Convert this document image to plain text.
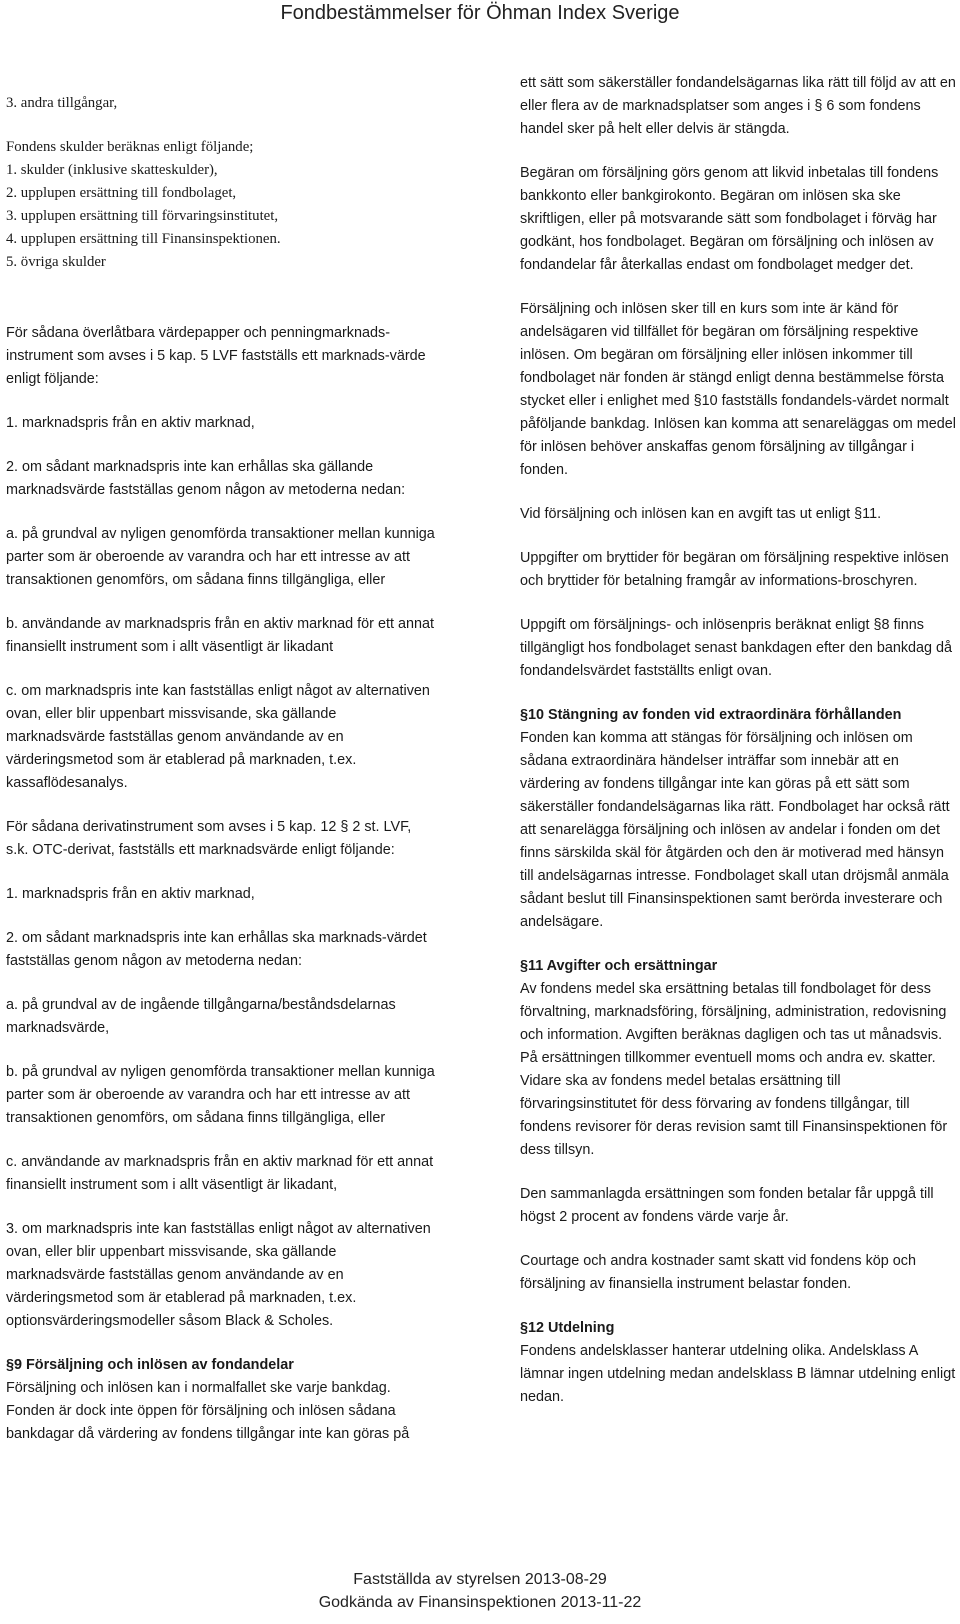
Fondbestämmelser för Öhman Index Sverige

3. andra tillgångar,

Fondens skulder beräknas enligt följande;
1. skulder (inklusive skatteskulder),
2. upplupen ersättning till fondbolaget,
3. upplupen ersättning till förvaringsinstitutet,
4. upplupen ersättning till Finansinspektionen.
5. övriga skulder

För sådana överlåtbara värdepapper och penningmarknads-instrument som avses i 5 kap. 5 LVF fastställs ett marknads-värde enligt följande:

1. marknadspris från en aktiv marknad,

2. om sådant marknadspris inte kan erhållas ska gällande marknadsvärde fastställas genom någon av metoderna nedan:

a. på grundval av nyligen genomförda transaktioner mellan kunniga parter som är oberoende av varandra och har ett intresse av att transaktionen genomförs, om sådana finns tillgängliga, eller

b. användande av marknadspris från en aktiv marknad för ett annat finansiellt instrument som i allt väsentligt är likadant

c. om marknadspris inte kan fastställas enligt något av alternativen ovan, eller blir uppenbart missvisande, ska gällande marknadsvärde fastställas genom användande av en värderingsmetod som är etablerad på marknaden, t.ex. kassaflödesanalys.

För sådana derivatinstrument som avses i 5 kap. 12 § 2 st. LVF, s.k. OTC-derivat, fastställs ett marknadsvärde enligt följande:

1. marknadspris från en aktiv marknad,

2. om sådant marknadspris inte kan erhållas ska marknads-värdet fastställas genom någon av metoderna nedan:

a. på grundval av de ingående tillgångarna/beståndsdelarnas marknadsvärde,

b. på grundval av nyligen genomförda transaktioner mellan kunniga parter som är oberoende av varandra och har ett intresse av att transaktionen genomförs, om sådana finns tillgängliga, eller

c. användande av marknadspris från en aktiv marknad för ett annat finansiellt instrument som i allt väsentligt är likadant,

3. om marknadspris inte kan fastställas enligt något av alternativen ovan, eller blir uppenbart missvisande, ska gällande marknadsvärde fastställas genom användande av en värderingsmetod som är etablerad på marknaden, t.ex. optionsvärderingsmodeller såsom Black & Scholes.

§9 Försäljning och inlösen av fondandelar
Försäljning och inlösen kan i normalfallet ske varje bankdag. Fonden är dock inte öppen för försäljning och inlösen sådana bankdagar då värdering av fondens tillgångar inte kan göras på

ett sätt som säkerställer fondandelsägarnas lika rätt till följd av att en eller flera av de marknadsplatser som anges i § 6 som fondens handel sker på helt eller delvis är stängda.

Begäran om försäljning görs genom att likvid inbetalas till fondens bankkonto eller bankgirokonto. Begäran om inlösen ska ske skriftligen, eller på motsvarande sätt som fondbolaget i förväg har godkänt, hos fondbolaget. Begäran om försäljning och inlösen av fondandelar får återkallas endast om fondbolaget medger det.

Försäljning och inlösen sker till en kurs som inte är känd för andelsägaren vid tillfället för begäran om försäljning respektive inlösen. Om begäran om försäljning eller inlösen inkommer till fondbolaget när fonden är stängd enligt denna bestämmelse första stycket eller i enlighet med §10 fastställs fondandels-värdet normalt påföljande bankdag. Inlösen kan komma att senareläggas om medel för inlösen behöver anskaffas genom försäljning av tillgångar i fonden.

Vid försäljning och inlösen kan en avgift tas ut enligt §11.

Uppgifter om bryttider för begäran om försäljning respektive inlösen och bryttider för betalning framgår av informations-broschyren.

Uppgift om försäljnings- och inlösenpris beräknat enligt §8 finns tillgängligt hos fondbolaget senast bankdagen efter den bankdag då fondandelsvärdet fastställts enligt ovan.

§10 Stängning av fonden vid extraordinära förhållanden
Fonden kan komma att stängas för försäljning och inlösen om sådana extraordinära händelser inträffar som innebär att en värdering av fondens tillgångar inte kan göras på ett sätt som säkerställer fondandelsägarnas lika rätt. Fondbolaget har också rätt att senarelägga försäljning och inlösen av andelar i fonden om det finns särskilda skäl för åtgärden och den är motiverad med hänsyn till andelsägarnas intresse. Fondbolaget skall utan dröjsmål anmäla sådant beslut till Finansinspektionen samt berörda investerare och andelsägare.

§11 Avgifter och ersättningar
Av fondens medel ska ersättning betalas till fondbolaget för dess förvaltning, marknadsföring, försäljning, administration, redovisning och information. Avgiften beräknas dagligen och tas ut månadsvis. På ersättningen tillkommer eventuell moms och andra ev. skatter. Vidare ska av fondens medel betalas ersättning till förvaringsinstitutet för dess förvaring av fondens tillgångar, till fondens revisorer för deras revision samt till Finansinspektionen för dess tillsyn.

Den sammanlagda ersättningen som fonden betalar får uppgå till högst 2 procent av fondens värde varje år.

Courtage och andra kostnader samt skatt vid fondens köp och försäljning av finansiella instrument belastar fonden.

§12 Utdelning
Fondens andelsklasser hanterar utdelning olika. Andelsklass A lämnar ingen utdelning medan andelsklass B lämnar utdelning enligt nedan.

Fastställda av styrelsen 2013-08-29
Godkända av Finansinspektionen 2013-11-22
